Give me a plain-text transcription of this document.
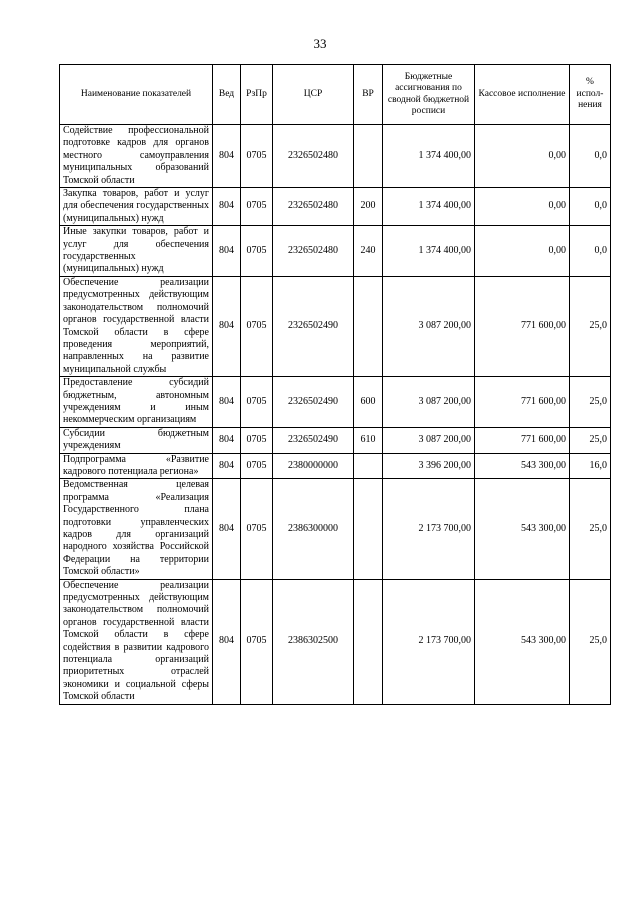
33
Наименование показателей	Вед	РзПр	ЦСР	ВР	Бюджетные ассигнования по сводной бюджетной росписи	Кассовое исполнение	% испол-нения
Содействие профессиональной подготовке кадров для органов местного самоуправления муниципальных образований Томской области	804	0705	2326502480		1 374 400,00	0,00	0,0
Закупка товаров, работ и услуг для обеспечения государственных (муниципальных) нужд	804	0705	2326502480	200	1 374 400,00	0,00	0,0
Иные закупки товаров, работ и услуг для обеспечения государственных (муниципальных) нужд	804	0705	2326502480	240	1 374 400,00	0,00	0,0
Обеспечение реализации предусмотренных действующим законодательством полномочий органов государственной власти Томской области в сфере проведения мероприятий, направленных на развитие муниципальной службы	804	0705	2326502490		3 087 200,00	771 600,00	25,0
Предоставление субсидий бюджетным, автономным учреждениям и иным некоммерческим организациям	804	0705	2326502490	600	3 087 200,00	771 600,00	25,0
Субсидии бюджетным учреждениям	804	0705	2326502490	610	3 087 200,00	771 600,00	25,0
Подпрограмма «Развитие кадрового потенциала региона»	804	0705	2380000000		3 396 200,00	543 300,00	16,0
Ведомственная целевая программа «Реализация Государственного плана подготовки управленческих кадров для организаций народного хозяйства Российской Федерации на территории Томской области»	804	0705	2386300000		2 173 700,00	543 300,00	25,0
Обеспечение реализации предусмотренных действующим законодательством полномочий органов государственной власти Томской области в сфере содействия в развитии кадрового потенциала организаций приоритетных отраслей экономики и социальной сферы Томской области	804	0705	2386302500		2 173 700,00	543 300,00	25,0
